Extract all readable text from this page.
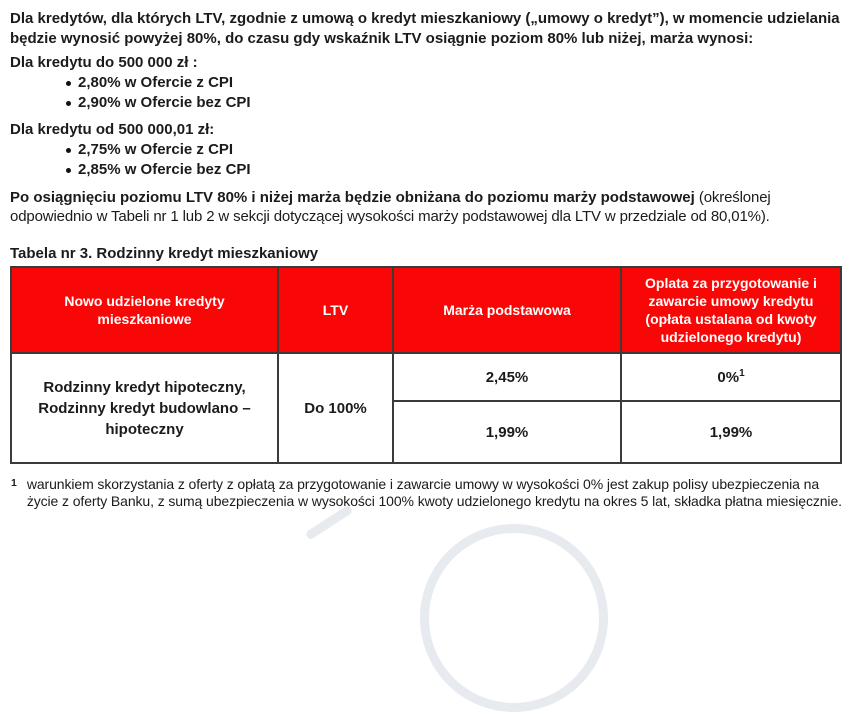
Dla kredytów, dla których LTV, zgodnie z umową o kredyt mieszkaniowy („umowy o kredyt”), w momencie udzielania będzie wynosić powyżej 80%, do czasu gdy wskaźnik LTV osiągnie poziom 80% lub niżej, marża wynosi:

Dla kredytu do 500 000 zł :
2,80% w Ofercie z CPI
2,90% w Ofercie bez CPI
Dla kredytu od 500 000,01 zł:
2,75% w Ofercie z CPI
2,85% w Ofercie bez CPI

Po osiągnięciu poziomu LTV 80% i niżej marża będzie obniżana do poziomu marży podstawowej (określonej odpowiednio w Tabeli nr 1 lub 2 w sekcji dotyczącej wysokości marży podstawowej dla LTV w przedziale od 80,01%).

Tabela nr 3. Rodzinny kredyt mieszkaniowy
Nowo udzielone kredyty mieszkaniowe	LTV	Marża podstawowa	Oplata za przygotowanie i zawarcie umowy kredytu (opłata ustalana od kwoty udzielonego kredytu)

Rodzinny kredyt hipoteczny,
Rodzinny kredyt budowlano –
hipoteczny	Do 100%	2,45%	0%$^1$
		1,99%	1,99%
1 warunkiem skorzystania z oferty z opłatą za przygotowanie i zawarcie umowy w wysokości 0% jest zakup polisy ubezpieczenia na życie z oferty Banku, z sumą ubezpieczenia w wysokości 100% kwoty udzielonego kredytu na okres 5 lat, składka płatna miesięcznie.
